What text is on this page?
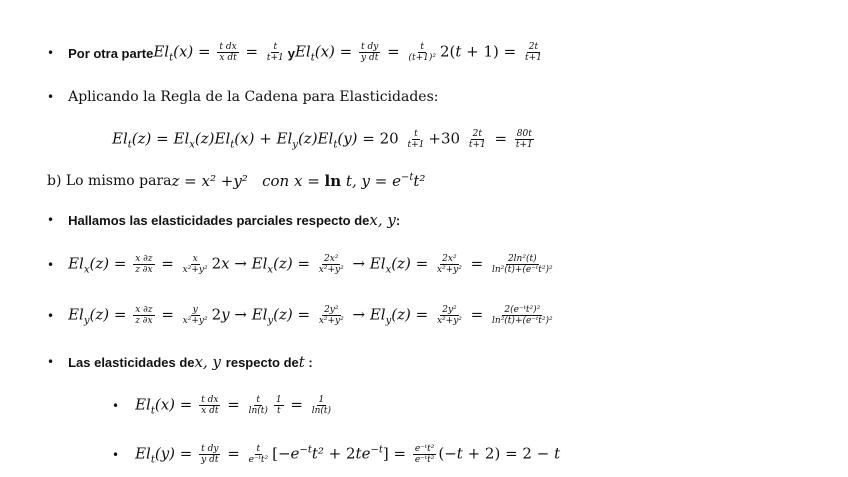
• Por otra parte $El_t(x) = \frac{\text{t dx}}{\text{x dt}} = \frac{t}{t+1}$ y $El_t(x) = \frac{\text{t dy}}{\text{y dt}} = \frac{t}{\text{(t+1)²}} 2(t + 1) = \frac{2t}{t+1}$
• Aplicando la Regla de la Cadena para Elasticidades:
$El_t(z) = El_x(z)El_t(x) + El_y(z)El_t(y) = 20 \frac{t}{t+1} +30 \frac{2t}{t+1} = \frac{80t}{t+1}$
b) Lo mismo para z = x² +y²   con x = ln t, $y = e^{-t}t^2$
• Hallamos las elasticidades parciales respecto de x, y :
• $El_x(z) = \frac{x \partial z}{z \partial x} = \frac{x}{\text{x²+y²}} 2x \to El_x(z) = \frac{\text{2x²}}{\text{x²+y²}} \to El_x(z) = \frac{\text{2x²}}{\text{x²+y²}} = \frac{\text{2ln²(t)}}{\text{ln²(t)+(e⁻ᵗt²)²}}$
• $El_y(z) = \frac{x \partial z}{z \partial x} = \frac{y}{\text{x²+y²}} 2y \to El_y(z) = \frac{\text{2y²}}{\text{x²+y²}} \to El_y(z) = \frac{\text{2y²}}{\text{x²+y²}} = \frac{\text{2(e⁻ᵗt²)²}}{\text{ln²(t)+(e⁻ᵗt²)²}}$
• Las elasticidades de x, y respecto de t :
• $El_t(x) = \frac{\text{t dx}}{\text{x dt}} = \frac{t}{\ln(t)} \frac{1}{t} = \frac{1}{\ln(t)}$
• $El_t(y) = \frac{\text{t dy}}{\text{y dt}} = \frac{t}{\text{e⁻ᵗt²}} [-e^{-t}t^2 + 2te^{-t}] = \frac{\text{e⁻ᵗt²}}{\text{e⁻ᵗt²}} (-t + 2) = 2 - t$
